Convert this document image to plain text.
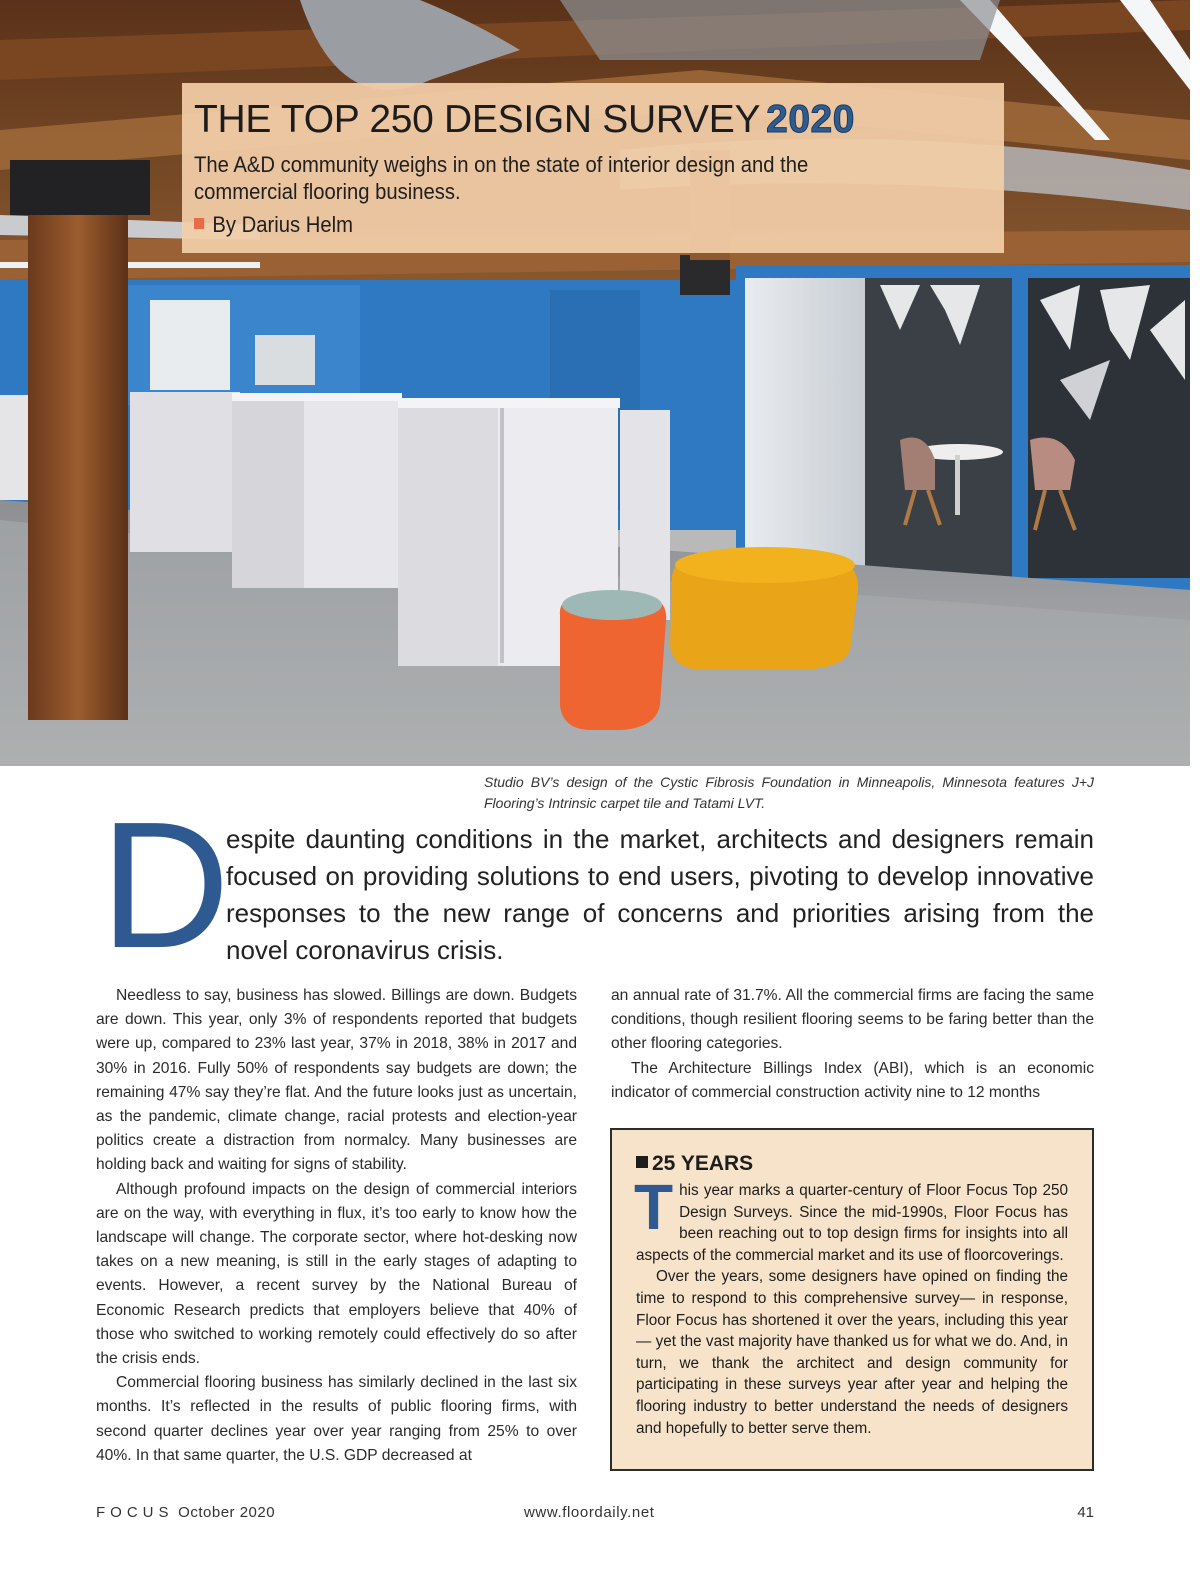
THE TOP 250 DESIGN SURVEY 2020
The A&D community weighs in on the state of interior design and the commercial flooring business.
By Darius Helm
Studio BV’s design of the Cystic Fibrosis Foundation in Minneapolis, Minnesota features J+J Flooring’s Intrinsic carpet tile and Tatami LVT.
D
espite daunting conditions in the market, architects and designers remain focused on providing solutions to end users, pivoting to develop innovative responses to the new range of concerns and priorities arising from the novel coronavirus crisis.

Needless to say, business has slowed. Billings are down. Budgets are down. This year, only 3% of respondents reported that budgets were up, compared to 23% last year, 37% in 2018, 38% in 2017 and 30% in 2016. Fully 50% of respondents say budgets are down; the remaining 47% say they’re flat. And the future looks just as uncertain, as the pandemic, climate change, racial protests and election-year politics create a distraction from normalcy. Many businesses are holding back and waiting for signs of stability.

Although profound impacts on the design of commercial interiors are on the way, with everything in flux, it’s too early to know how the landscape will change. The corporate sector, where hot-desking now takes on a new meaning, is still in the early stages of adapting to events. However, a recent survey by the National Bureau of Economic Research predicts that employers believe that 40% of those who switched to working remotely could effectively do so after the crisis ends.

Commercial flooring business has similarly declined in the last six months. It’s reflected in the results of public flooring firms, with second quarter declines year over year ranging from 25% to over 40%. In that same quarter, the U.S. GDP decreased at

an annual rate of 31.7%. All the commercial firms are facing the same conditions, though resilient flooring seems to be faring better than the other flooring categories.

The Architecture Billings Index (ABI), which is an economic indicator of commercial construction activity nine to 12 months

25 YEARS
T his year marks a quarter-century of Floor Focus Top 250 Design Surveys. Since the mid-1990s, Floor Focus has been reaching out to top design firms for insights into all aspects of the commercial market and its use of floorcoverings.

Over the years, some designers have opined on finding the time to respond to this comprehensive survey— in response, Floor Focus has shortened it over the years, including this year— yet the vast majority have thanked us for what we do. And, in turn, we thank the architect and design community for participating in these surveys year after year and helping the flooring industry to better understand the needs of designers and hopefully to better serve them.

FOCUS October 2020	www.floordaily.net	41
